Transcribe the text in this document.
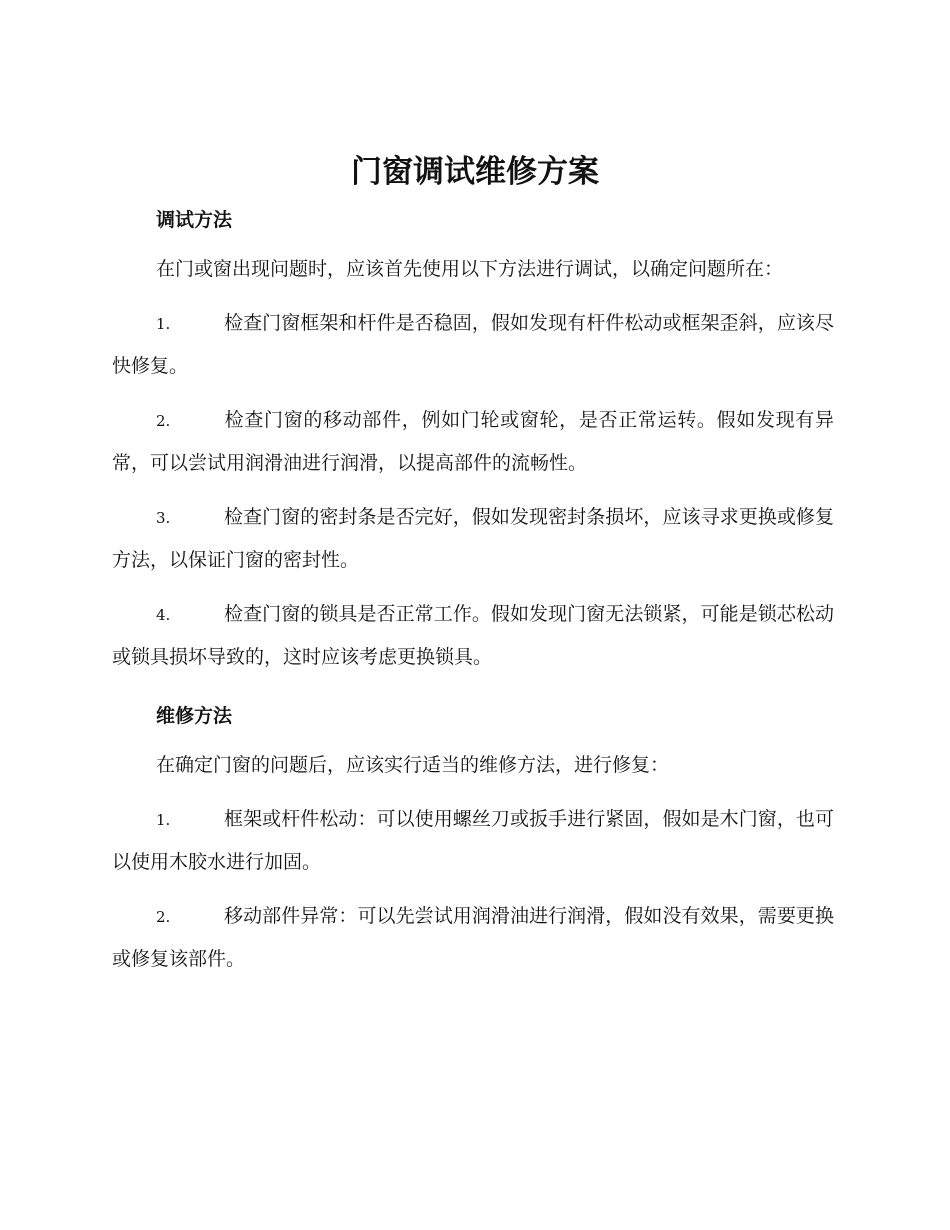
门窗调试维修方案
调试方法

在门或窗出现问题时，应该首先使用以下方法进行调试，以确定问题所在：

1.	检查门窗框架和杆件是否稳固，假如发现有杆件松动或框架歪斜，应该尽快修复。

2.	检查门窗的移动部件，例如门轮或窗轮，是否正常运转。假如发现有异常，可以尝试用润滑油进行润滑，以提高部件的流畅性。

3.	检查门窗的密封条是否完好，假如发现密封条损坏，应该寻求更换或修复方法，以保证门窗的密封性。

4.	检查门窗的锁具是否正常工作。假如发现门窗无法锁紧，可能是锁芯松动或锁具损坏导致的，这时应该考虑更换锁具。

维修方法

在确定门窗的问题后，应该实行适当的维修方法，进行修复：

1.	框架或杆件松动：可以使用螺丝刀或扳手进行紧固，假如是木门窗，也可以使用木胶水进行加固。

2.	移动部件异常：可以先尝试用润滑油进行润滑，假如没有效果，需要更换或修复该部件。
